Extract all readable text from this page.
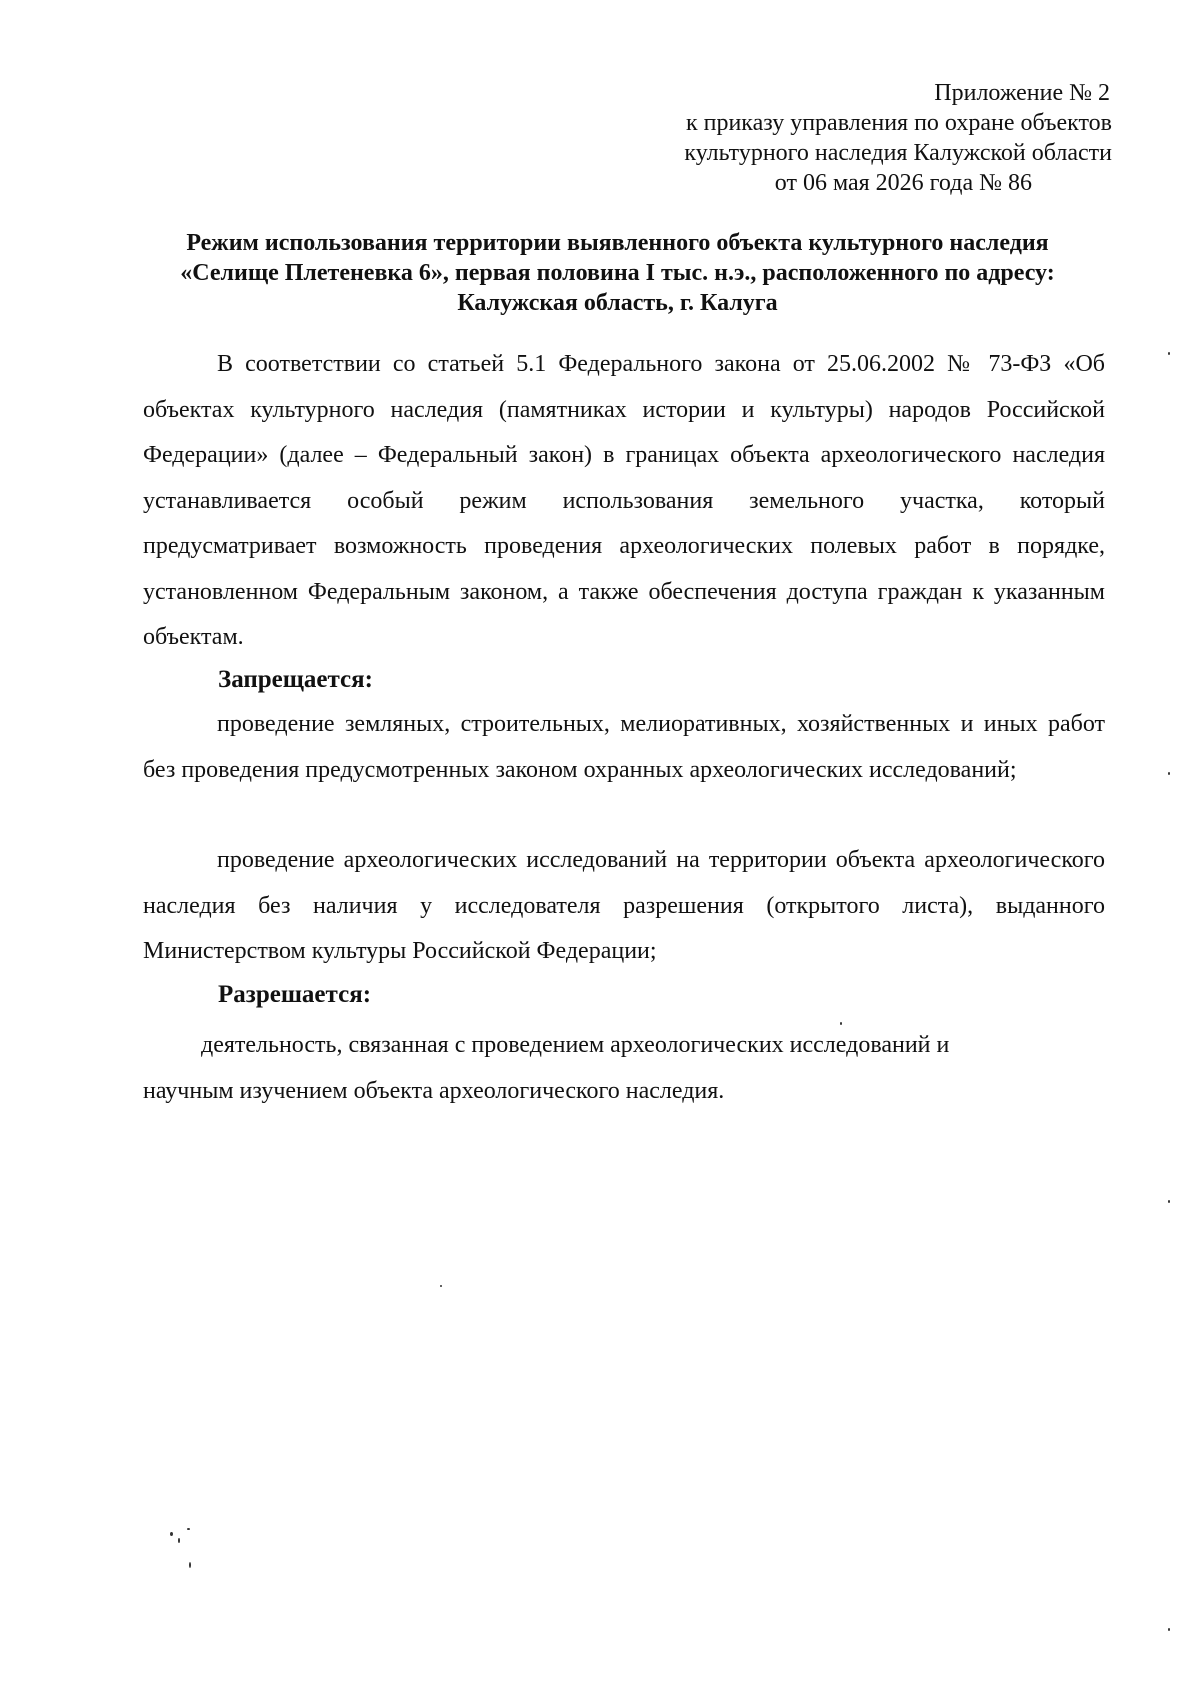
Приложение № 2
к приказу управления по охране объектов
культурного наследия Калужской области
от 06 мая 2026 года № 86
Режим использования территории выявленного объекта культурного наследия
«Селище Плетеневка 6», первая половина I тыс. н.э., расположенного по адресу:
Калужская область, г. Калуга
В соответствии со статьей 5.1 Федерального закона от 25.06.2002 № 73-ФЗ «Об объектах культурного наследия (памятниках истории и культуры) народов Российской Федерации» (далее – Федеральный закон) в границах объекта археологического наследия устанавливается особый режим использования земельного участка, который предусматривает возможность проведения археологических полевых работ в порядке, установленном Федеральным законом, а также обеспечения доступа граждан к указанным объектам.
Запрещается:
проведение земляных, строительных, мелиоративных, хозяйственных и иных работ без проведения предусмотренных законом охранных археологических исследований;
проведение археологических исследований на территории объекта археологического наследия без наличия у исследователя разрешения (открытого листа), выданного Министерством культуры Российской Федерации;
Разрешается:
деятельность, связанная с проведением археологических исследований и
научным изучением объекта археологического наследия.
